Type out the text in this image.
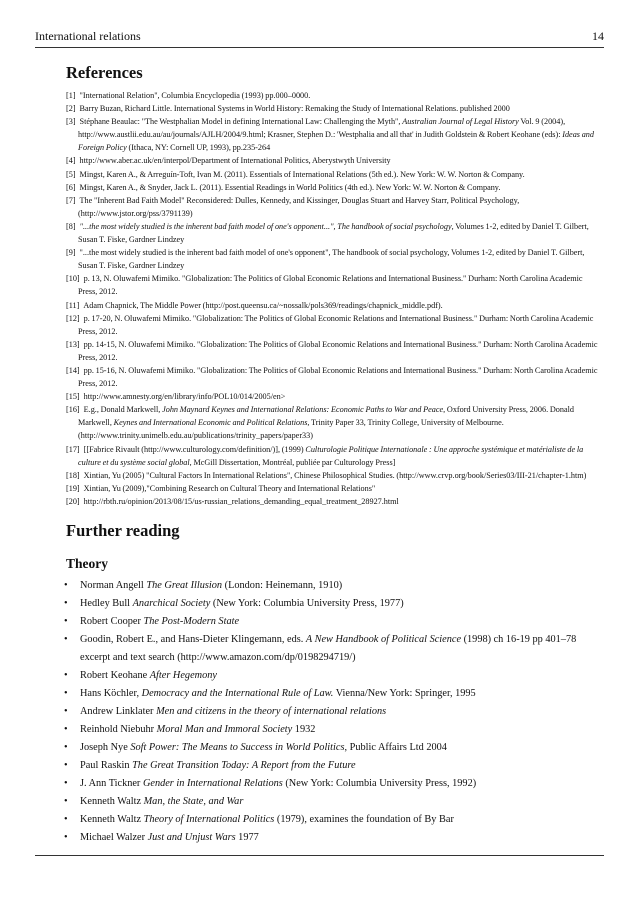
International relations	14
References
[1] "International Relation", Columbia Encyclopedia (1993) pp.000–0000.
[2] Barry Buzan, Richard Little. International Systems in World History: Remaking the Study of International Relations. published 2000
[3] Stéphane Beaulac: "The Westphalian Model in defining International Law: Challenging the Myth", Australian Journal of Legal History Vol. 9 (2004), http://www.austlii.edu.au/au/journals/AJLH/2004/9.html; Krasner, Stephen D.: 'Westphalia and all that' in Judith Goldstein & Robert Keohane (eds): Ideas and Foreign Policy (Ithaca, NY: Cornell UP, 1993), pp.235-264
[4] http://www.aber.ac.uk/en/interpol/Department of International Politics, Aberystwyth University
[5] Mingst, Karen A., & Arreguín-Toft, Ivan M. (2011). Essentials of International Relations (5th ed.). New York: W. W. Norton & Company.
[6] Mingst, Karen A., & Snyder, Jack L. (2011). Essential Readings in World Politics (4th ed.). New York: W. W. Norton & Company.
[7] The "Inherent Bad Faith Model" Reconsidered: Dulles, Kennedy, and Kissinger, Douglas Stuart and Harvey Starr, Political Psychology, (http://www.jstor.org/pss/3791139)
[8] "...the most widely studied is the inherent bad faith model of one's opponent...", The handbook of social psychology, Volumes 1-2, edited by Daniel T. Gilbert, Susan T. Fiske, Gardner Lindzey
[9] "...the most widely studied is the inherent bad faith model of one's opponent", The handbook of social psychology, Volumes 1-2, edited by Daniel T. Gilbert, Susan T. Fiske, Gardner Lindzey
[10] p. 13, N. Oluwafemi Mimiko. "Globalization: The Politics of Global Economic Relations and International Business." Durham: North Carolina Academic Press, 2012.
[11] Adam Chapnick, The Middle Power (http://post.queensu.ca/~nossalk/pols369/readings/chapnick_middle.pdf).
[12] p. 17-20, N. Oluwafemi Mimiko. "Globalization: The Politics of Global Economic Relations and International Business." Durham: North Carolina Academic Press, 2012.
[13] pp. 14-15, N. Oluwafemi Mimiko. "Globalization: The Politics of Global Economic Relations and International Business." Durham: North Carolina Academic Press, 2012.
[14] pp. 15-16, N. Oluwafemi Mimiko. "Globalization: The Politics of Global Economic Relations and International Business." Durham: North Carolina Academic Press, 2012.
[15] http://www.amnesty.org/en/library/info/POL10/014/2005/en>
[16] E.g., Donald Markwell, John Maynard Keynes and International Relations: Economic Paths to War and Peace, Oxford University Press, 2006. Donald Markwell, Keynes and International Economic and Political Relations, Trinity Paper 33, Trinity College, University of Melbourne. (http://www.trinity.unimelb.edu.au/publications/trinity_papers/paper33)
[17] [[Fabrice Rivault (http://www.culturology.com/definition/)], (1999) Culturologie Politique Internationale : Une approche systémique et matérialiste de la culture et du système social global, McGill Dissertation, Montréal, publiée par Culturology Press]
[18] Xintian, Yu (2005) "Cultural Factors In International Relations", Chinese Philosophical Studies. (http://www.crvp.org/book/Series03/III-21/chapter-1.htm)
[19] Xintian, Yu (2009),"Combining Research on Cultural Theory and International Relations"
[20] http://rbth.ru/opinion/2013/08/15/us-russian_relations_demanding_equal_treatment_28927.html
Further reading
Theory
• Norman Angell The Great Illusion (London: Heinemann, 1910)
• Hedley Bull Anarchical Society (New York: Columbia University Press, 1977)
• Robert Cooper The Post-Modern State
• Goodin, Robert E., and Hans-Dieter Klingemann, eds. A New Handbook of Political Science (1998) ch 16-19 pp 401–78 excerpt and text search (http://www.amazon.com/dp/0198294719/)
• Robert Keohane After Hegemony
• Hans Köchler, Democracy and the International Rule of Law. Vienna/New York: Springer, 1995
• Andrew Linklater Men and citizens in the theory of international relations
• Reinhold Niebuhr Moral Man and Immoral Society 1932
• Joseph Nye Soft Power: The Means to Success in World Politics, Public Affairs Ltd 2004
• Paul Raskin The Great Transition Today: A Report from the Future
• J. Ann Tickner Gender in International Relations (New York: Columbia University Press, 1992)
• Kenneth Waltz Man, the State, and War
• Kenneth Waltz Theory of International Politics (1979), examines the foundation of By Bar
• Michael Walzer Just and Unjust Wars 1977
